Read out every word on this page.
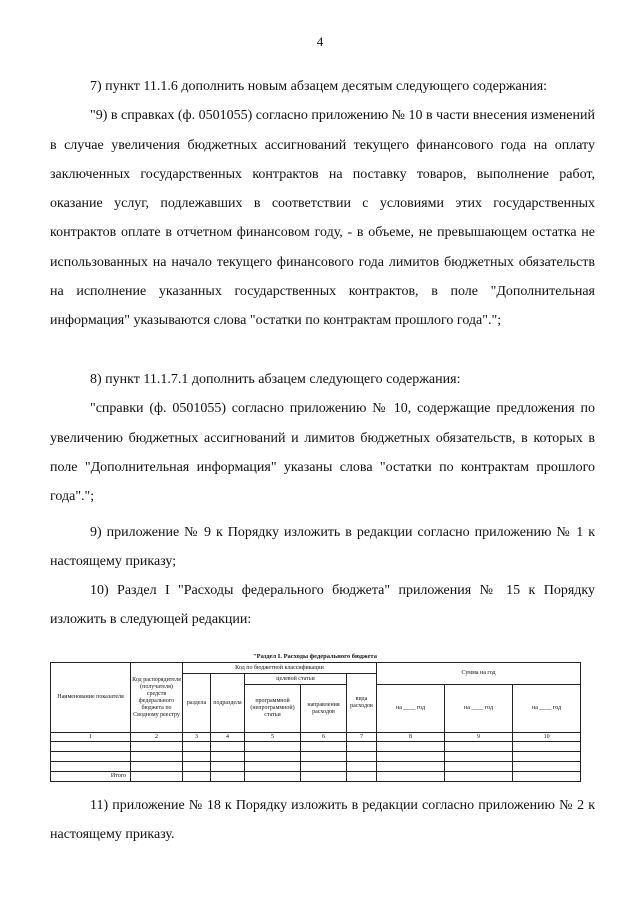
4
7) пункт 11.1.6 дополнить новым абзацем десятым следующего содержания:
"9) в справках (ф. 0501055) согласно приложению № 10 в части внесения изменений в случае увеличения бюджетных ассигнований текущего финансового года на оплату заключенных государственных контрактов на поставку товаров, выполнение работ, оказание услуг, подлежавших в соответствии с условиями этих государственных контрактов оплате в отчетном финансовом году, - в объеме, не превышающем остатка не использованных на начало текущего финансового года лимитов бюджетных обязательств на исполнение указанных государственных контрактов, в поле "Дополнительная информация" указываются слова "остатки по контрактам прошлого года".";
8) пункт 11.1.7.1 дополнить абзацем следующего содержания:
"справки (ф. 0501055) согласно приложению № 10, содержащие предложения по увеличению бюджетных ассигнований и лимитов бюджетных обязательств, в которых в поле "Дополнительная информация" указаны слова "остатки по контрактам прошлого года".";
9) приложение № 9 к Порядку изложить в редакции согласно приложению № 1 к настоящему приказу;
10) Раздел I "Расходы федерального бюджета" приложения № 15 к Порядку изложить в следующей редакции:
"Раздел I. Расходы федерального бюджета
Наименование показателя	Код распорядителя (получателя) средств федерального бюджета по Сводному реестру	Код по бюджетной классификации					Сумма на год		
		раздела	подраздела	целевой статьи		вида расходов			
				программной (непрограммной) статьи	направления расходов		на ____ год	на ____ год	на ____ год
1	2	3	4	5	6	7	8	9	10

Итого									
11) приложение № 18 к Порядку изложить в редакции согласно приложению № 2 к настоящему приказу.
